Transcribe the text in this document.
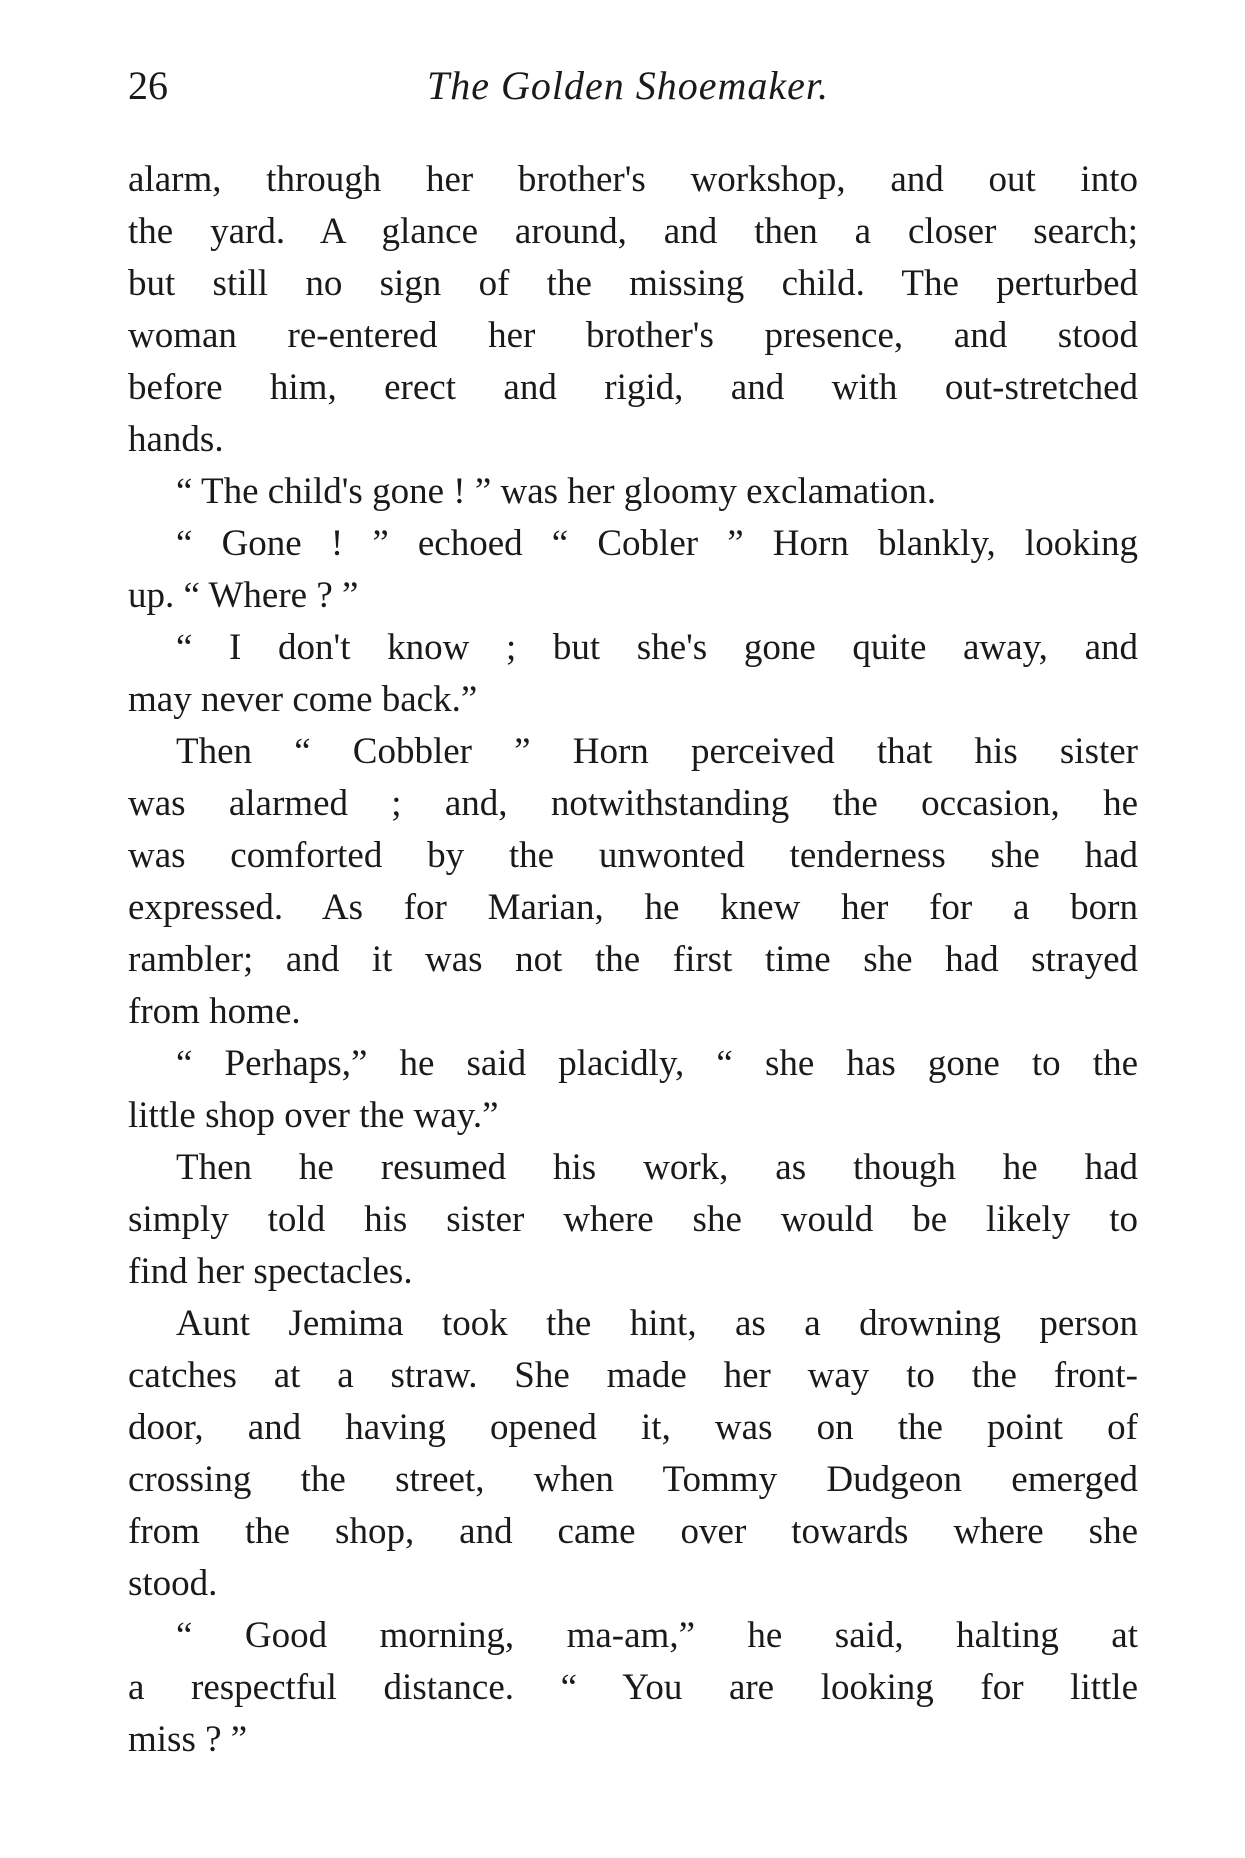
26	The Golden Shoemaker.
alarm, through her brother's workshop, and out into
the yard. A glance around, and then a closer search;
but still no sign of the missing child. The perturbed
woman re-entered her brother's presence, and stood
before him, erect and rigid, and with out-stretched
hands.
“ The child's gone ! ” was her gloomy exclamation.
“ Gone ! ” echoed “ Cobler ” Horn blankly, looking
up. “ Where ? ”
“ I don't know ; but she's gone quite away, and
may never come back.”
Then “ Cobbler ” Horn perceived that his sister
was alarmed ; and, notwithstanding the occasion, he
was comforted by the unwonted tenderness she had
expressed. As for Marian, he knew her for a born
rambler; and it was not the first time she had strayed
from home.
“ Perhaps,” he said placidly, “ she has gone to the
little shop over the way.”
Then he resumed his work, as though he had
simply told his sister where she would be likely to
find her spectacles.
Aunt Jemima took the hint, as a drowning person
catches at a straw. She made her way to the front-
door, and having opened it, was on the point of
crossing the street, when Tommy Dudgeon emerged
from the shop, and came over towards where she
stood.
“ Good morning, ma-am,” he said, halting at
a respectful distance. “ You are looking for little
miss ? ”
